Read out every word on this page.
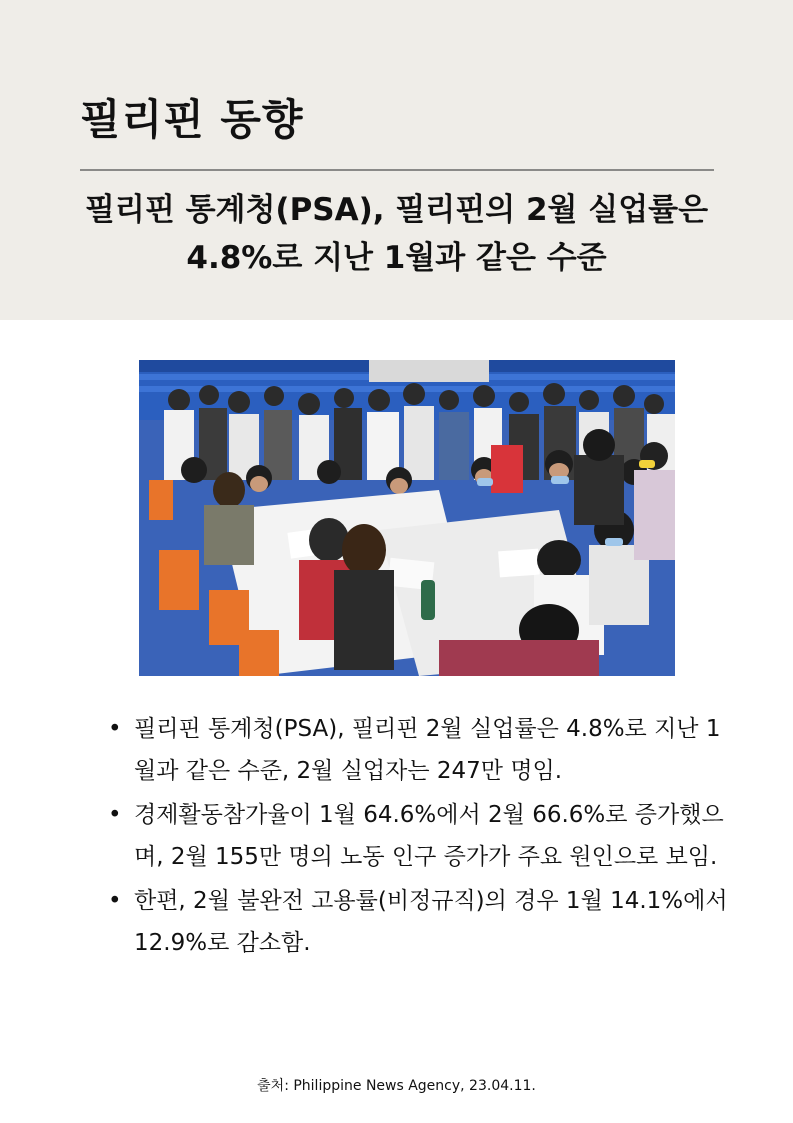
필리핀 동향
필리핀 통계청(PSA), 필리핀의 2월 실업률은 4.8%로 지난 1월과 같은 수준
• 필리핀 통계청(PSA), 필리핀 2월 실업률은 4.8%로 지난 1월과 같은 수준, 2월 실업자는 247만 명임.
• 경제활동참가율이 1월 64.6%에서 2월 66.6%로 증가했으며, 2월 155만 명의 노동 인구 증가가 주요 원인으로 보임.
• 한편, 2월 불완전 고용률(비정규직)의 경우 1월 14.1%에서 12.9%로 감소함.
출처: Philippine News Agency, 23.04.11.
